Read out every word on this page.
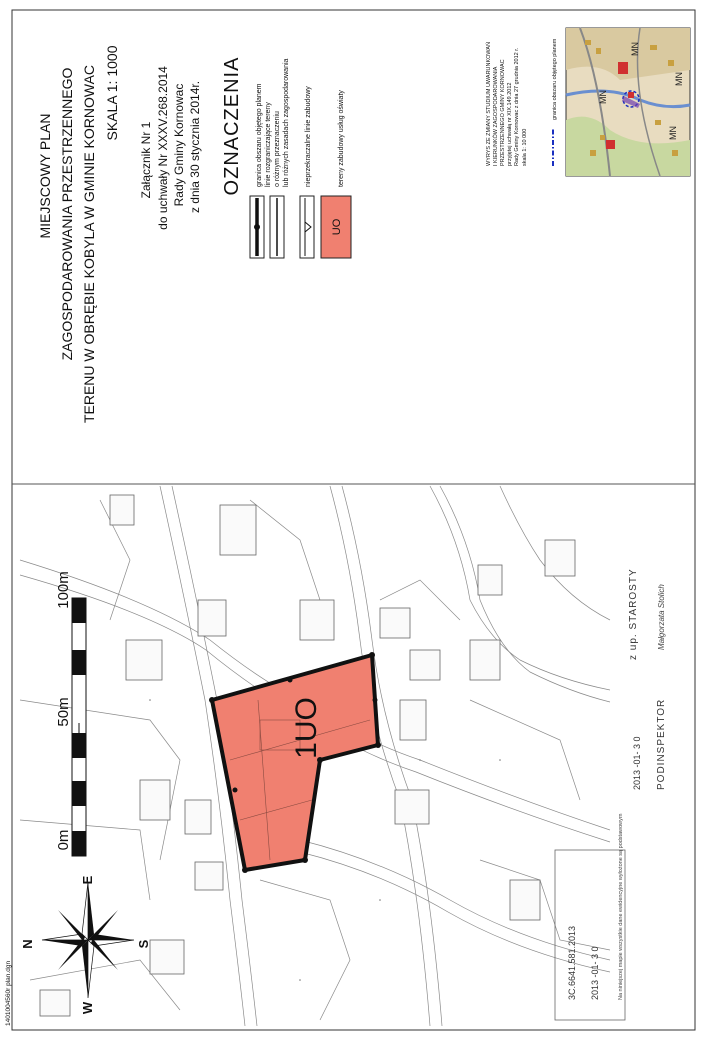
MIEJSCOWY PLAN ZAGOSPODAROWANIA PRZESTRZENNEGO TERENU W OBRĘBIE KOBYLA W GMINIE KORNOWAC SKALA 1: 1000
Załącznik Nr 1 do uchwały Nr XXXV.268.2014 Rady Gminy Kornowac z dnia 30 stycznia 2014r. OZNACZENIA granica obszaru objętego planem linie rozgraniczające tereny o różnym przeznaczeniu lub różnych zasadach zagospodarowania nieprzekraczalne linie zabudowy
UO
tereny zabudowy usług oświaty	WYRYS ZE ZMIANY STUDIUM UWARUNKOWAŃ I KIERUNKÓW ZAGOSPODAROWANIA PRZESTRZENNEGO GMINY KORNOWAC przyjętej uchwałą nr XIX.149.2012 Rady Gminy Kornowac z dnia 27 grudnia 2012 r. skala 1: 10 000
granica obszaru objętego planem	MN
MN
MN
MN
1UO
0m
50m
100m
N
E
S
W
1401004560r plan.dgn	3C.6641.581.2013 2013 -01- 3 0	Na niniejszej mapie wszystkie dane ewidencyjne wyłożone są podstawowym
2013 -01- 3 0 PODINSPEKTOR
z up. STAROSTY Małgorzata Stolich
